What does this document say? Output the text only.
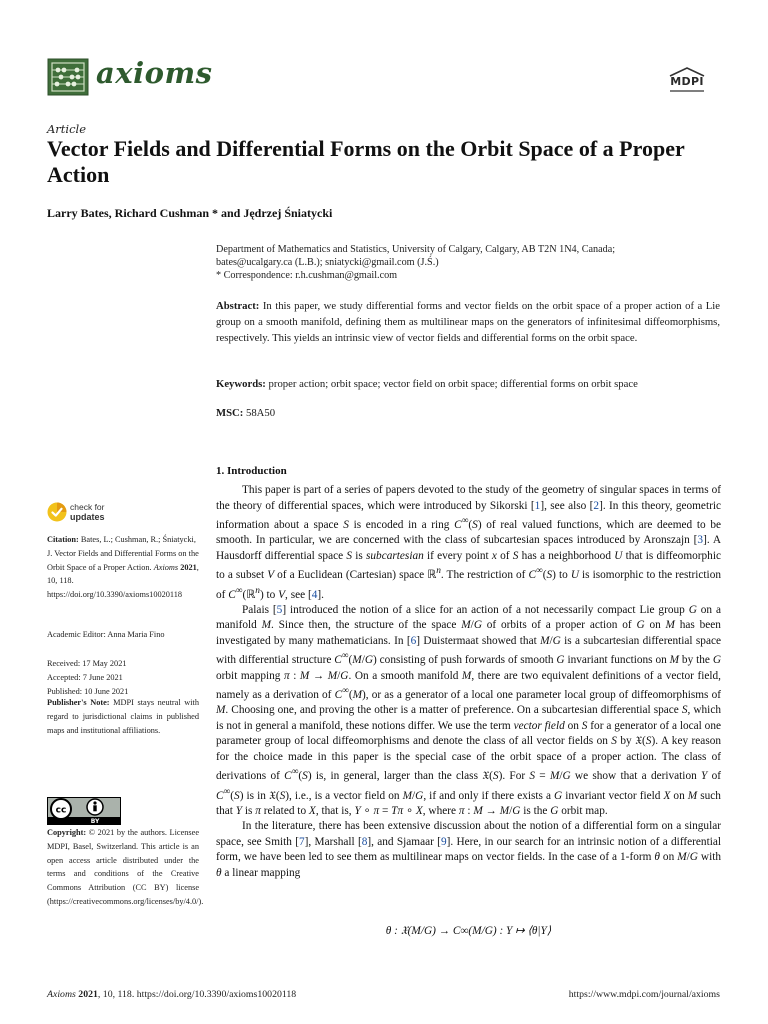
axioms	MDPI
Article
Vector Fields and Differential Forms on the Orbit Space of a Proper Action
Larry Bates, Richard Cushman * and Jędrzej Śniatycki
Department of Mathematics and Statistics, University of Calgary, Calgary, AB T2N 1N4, Canada;
bates@ucalgary.ca (L.B.); sniatycki@gmail.com (J.Ś.)
* Correspondence: r.h.cushman@gmail.com
Abstract: In this paper, we study differential forms and vector fields on the orbit space of a proper action of a Lie group on a smooth manifold, defining them as multilinear maps on the generators of infinitesimal diffeomorphisms, respectively. This yields an intrinsic view of vector fields and differential forms on the orbit space.
Keywords: proper action; orbit space; vector field on orbit space; differential forms on orbit space
MSC: 58A50
check for
updates
Citation: Bates, L.; Cushman, R.; Śniatycki, J. Vector Fields and Differential Forms on the Orbit Space of a Proper Action. Axioms 2021, 10, 118. https://doi.org/10.3390/axioms10020118
Academic Editor: Anna Maria Fino
Received: 17 May 2021
Accepted: 7 June 2021
Published: 10 June 2021
Publisher's Note: MDPI stays neutral with regard to jurisdictional claims in published maps and institutional affiliations.
cc
BY
Copyright: © 2021 by the authors. Licensee MDPI, Basel, Switzerland. This article is an open access article distributed under the terms and conditions of the Creative Commons Attribution (CC BY) license (https://creativecommons.org/licenses/by/4.0/).
1. Introduction

This paper is part of a series of papers devoted to the study of the geometry of singular spaces in terms of the theory of differential spaces, which were introduced by Sikorski [1], see also [2]. In this theory, geometric information about a space S is encoded in a ring C∞(S) of real valued functions, which are deemed to be smooth. In particular, we are concerned with the class of subcartesian spaces introduced by Aronszajn [3]. A Hausdorff differential space S is subcartesian if every point x of S has a neighborhood U that is diffeomorphic to a subset V of a Euclidean (Cartesian) space ℝ$^n$. The restriction of C∞(S) to U is isomorphic to the restriction of C∞(ℝ$^n$) to V, see [4].

Palais [5] introduced the notion of a slice for an action of a not necessarily compact Lie group G on a manifold M. Since then, the structure of the space M/G of orbits of a proper action of G on M has been investigated by many mathematicians. In [6] Duistermaat showed that M/G is a subcartesian differential space with differential structure C∞(M/G) consisting of push forwards of smooth G invariant functions on M by the G orbit mapping π : M → M/G. On a smooth manifold M, there are two equivalent definitions of a vector field, namely as a derivation of C∞(M), or as a generator of a local one parameter local group of diffeomorphisms of M. Choosing one, and proving the other is a matter of preference. On a subcartesian differential space S, which is not in general a manifold, these notions differ. We use the term vector field on S for a generator of a local one parameter group of local diffeomorphisms and denote the class of all vector fields on S by 𝔛(S). A key reason for the choice made in this paper is the special case of the orbit space of a proper action. The class of derivations of C∞(S) is, in general, larger than the class 𝔛(S). For S = M/G we show that a derivation Y of C∞(S) is in 𝔛(S), i.e., is a vector field on M/G, if and only if there exists a G invariant vector field X on M such that Y is π related to X, that is, Y ∘ π = Tπ ∘ X, where π : M → M/G is the G orbit map.

In the literature, there has been extensive discussion about the notion of a differential form on a singular space, see Smith [7], Marshall [8], and Sjamaar [9]. Here, in our search for an intrinsic notion of a differential form, we have been led to see them as multilinear maps on vector fields. In the case of a 1-form θ on M/G with θ a linear mapping

θ : 𝔛(M/G) → C∞(M/G) : Y ↦ ⟨θ|Y⟩
Axioms 2021, 10, 118. https://doi.org/10.3390/axioms10020118	https://www.mdpi.com/journal/axioms
